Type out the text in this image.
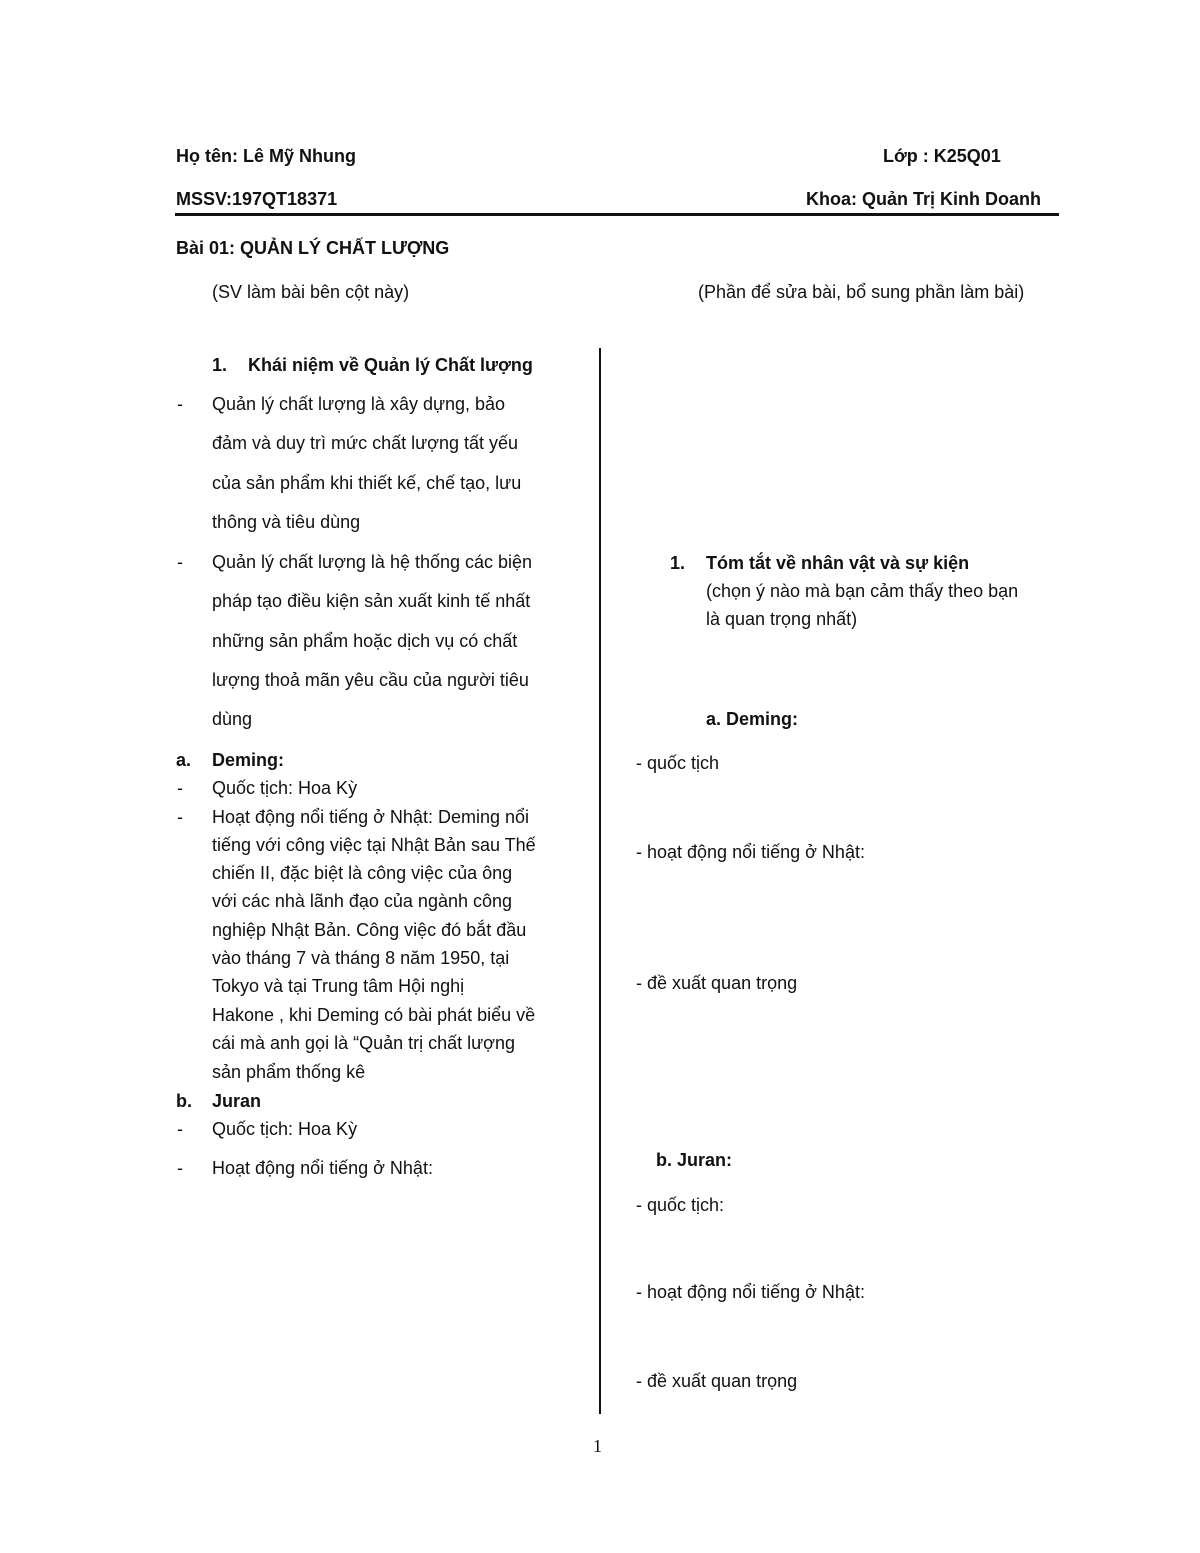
Họ tên: Lê Mỹ Nhung	Lớp : K25Q01
MSSV:197QT18371	Khoa: Quản Trị Kinh Doanh
Bài 01: QUẢN LÝ CHẤT LƯỢNG
(SV làm bài bên cột này)	(Phần để sửa bài, bổ sung phần làm bài)
1. Khái niệm về Quản lý Chất lượng
- Quản lý chất lượng là xây dựng, bảo
đảm và duy trì mức chất lượng tất yếu
của sản phẩm khi thiết kế, chế tạo, lưu
thông và tiêu dùng
- Quản lý chất lượng là hệ thống các biện
pháp tạo điều kiện sản xuất kinh tế nhất
những sản phẩm hoặc dịch vụ có chất
lượng thoả mãn yêu cầu của người tiêu
dùng
a. Deming:
- Quốc tịch: Hoa Kỳ
- Hoạt động nổi tiếng ở Nhật: Deming nổi
tiếng với công việc tại Nhật Bản sau Thế
chiến II, đặc biệt là công việc của ông
với các nhà lãnh đạo của ngành công
nghiệp Nhật Bản. Công việc đó bắt đầu
vào tháng 7 và tháng 8 năm 1950, tại
Tokyo và tại Trung tâm Hội nghị
Hakone , khi Deming có bài phát biểu về
cái mà anh gọi là “Quản trị chất lượng
sản phẩm thống kê
b. Juran
- Quốc tịch: Hoa Kỳ
- Hoạt động nổi tiếng ở Nhật:
1. Tóm tắt về nhân vật và sự kiện
(chọn ý nào mà bạn cảm thấy theo bạn
là quan trọng nhất)
a. Deming:
- quốc tịch
- hoạt động nổi tiếng ở Nhật:
- đề xuất quan trọng
b. Juran:
- quốc tịch:
- hoạt động nổi tiếng ở Nhật:
- đề xuất quan trọng
1
